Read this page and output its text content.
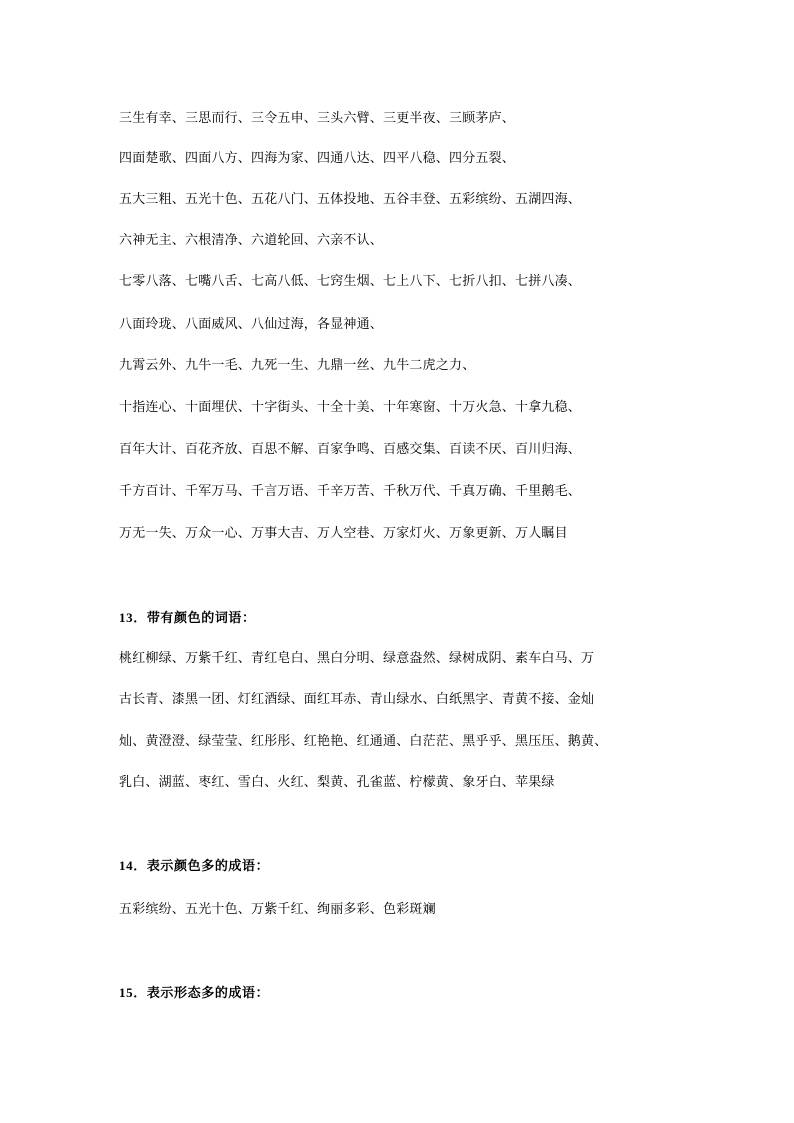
三生有幸、三思而行、三令五申、三头六臂、三更半夜、三顾茅庐、
四面楚歌、四面八方、四海为家、四通八达、四平八稳、四分五裂、
五大三粗、五光十色、五花八门、五体投地、五谷丰登、五彩缤纷、五湖四海、
六神无主、六根清净、六道轮回、六亲不认、
七零八落、七嘴八舌、七高八低、七窍生烟、七上八下、七折八扣、七拼八凑、
八面玲珑、八面威风、八仙过海，各显神通、
九霄云外、九牛一毛、九死一生、九鼎一丝、九牛二虎之力、
十指连心、十面埋伏、十字街头、十全十美、十年寒窗、十万火急、十拿九稳、
百年大计、百花齐放、百思不解、百家争鸣、百感交集、百读不厌、百川归海、
千方百计、千军万马、千言万语、千辛万苦、千秋万代、千真万确、千里鹅毛、
万无一失、万众一心、万事大吉、万人空巷、万家灯火、万象更新、万人瞩目
13．带有颜色的词语：
桃红柳绿、万紫千红、青红皂白、黑白分明、绿意盎然、绿树成阴、素车白马、万
古长青、漆黑一团、灯红酒绿、面红耳赤、青山绿水、白纸黑字、青黄不接、金灿
灿、黄澄澄、绿莹莹、红彤彤、红艳艳、红通通、白茫茫、黑乎乎、黑压压、鹅黄、
乳白、湖蓝、枣红、雪白、火红、梨黄、孔雀蓝、柠檬黄、象牙白、苹果绿
14．表示颜色多的成语：
五彩缤纷、五光十色、万紫千红、绚丽多彩、色彩斑斓
15．表示形态多的成语：
